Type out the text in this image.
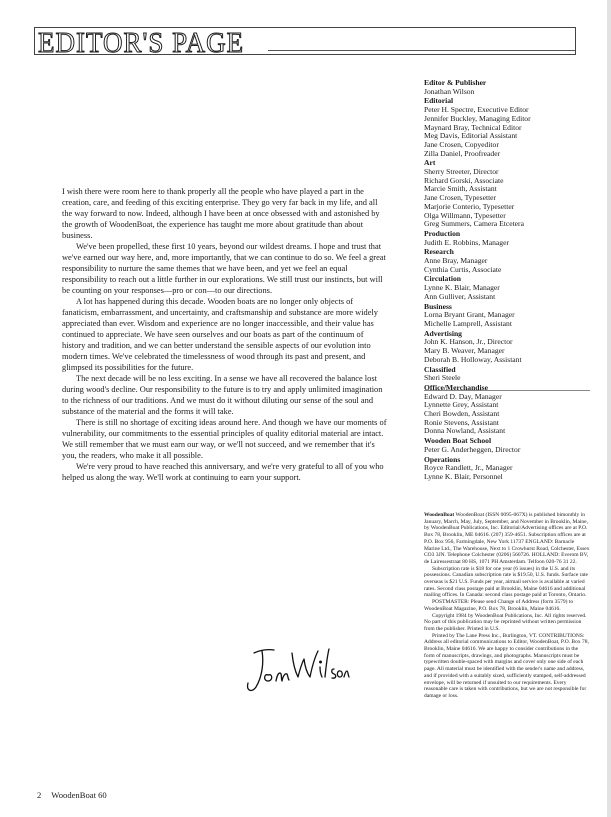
EDITOR'S PAGE

I wish there were room here to thank properly all the people who have played a part in the creation, care, and feeding of this exciting enterprise. They go very far back in my life, and all the way forward to now. Indeed, although I have been at once obsessed with and astonished by the growth of WoodenBoat, the experience has taught me more about gratitude than about business.

We've been propelled, these first 10 years, beyond our wildest dreams. I hope and trust that we've earned our way here, and, more importantly, that we can continue to do so. We feel a great responsibility to nurture the same themes that we have been, and yet we feel an equal responsibility to reach out a little further in our explorations. We still trust our instincts, but will be counting on your responses—pro or con—to our directions.

A lot has happened during this decade. Wooden boats are no longer only objects of fanaticism, embarrassment, and uncertainty, and craftsmanship and substance are more widely appreciated than ever. Wisdom and experience are no longer inaccessible, and their value has continued to appreciate. We have seen ourselves and our boats as part of the continuum of history and tradition, and we can better understand the sensible aspects of our evolution into modern times. We've celebrated the timelessness of wood through its past and present, and glimpsed its possibilities for the future.

The next decade will be no less exciting. In a sense we have all recovered the balance lost during wood's decline. Our responsibility to the future is to try and apply unlimited imagination to the richness of our traditions. And we must do it without diluting our sense of the soul and substance of the material and the forms it will take.

There is still no shortage of exciting ideas around here. And though we have our moments of vulnerability, our commitments to the essential principles of quality editorial material are intact. We still remember that we must earn our way, or we'll not succeed, and we remember that it's you, the readers, who make it all possible.

We're very proud to have reached this anniversary, and we're very grateful to all of you who helped us along the way. We'll work at continuing to earn your support.

Editor & Publisher
Jonathan Wilson
Editorial
Peter H. Spectre, Executive Editor
Jennifer Buckley, Managing Editor
Maynard Bray, Technical Editor
Meg Davis, Editorial Assistant
Jane Crosen, Copyeditor
Zilla Daniel, Proofreader
Art
Sherry Streeter, Director
Richard Gorski, Associate
Marcie Smith, Assistant
Jane Crosen, Typesetter
Marjorie Conterio, Typesetter
Olga Willmann, Typesetter
Greg Summers, Camera Etcetera
Production
Judith E. Robbins, Manager
Research
Anne Bray, Manager
Cynthia Curtis, Associate
Circulation
Lynne K. Blair, Manager
Ann Gulliver, Assistant
Business
Lorna Bryant Grant, Manager
Michelle Lamprell, Assistant
Advertising
John K. Hanson, Jr., Director
Mary B. Weaver, Manager
Deborah B. Holloway, Assistant
Classified
Sheri Steele
Office/Merchandise
Edward D. Day, Manager
Lynnette Grey, Assistant
Cheri Bowden, Assistant
Ronie Stevens, Assistant
Donna Nowland, Assistant
Wooden Boat School
Peter G. Anderheggen, Director
Operations
Royce Randlett, Jr., Manager
Lynne K. Blair, Personnel

WoodenBoat WoodenBoat (ISSN 0095-067X) is published bimonthly in January, March, May, July, September, and November in Brooklin, Maine, by WoodenBoat Publications, Inc. Editorial/Advertising offices are at P.O. Box 78, Brooklin, ME 04616. (207) 359-4651. Subscription offices are at P.O. Box 956, Farmingdale, New York 11737 ENGLAND: Barnacle Marine Ltd., The Warehouse, Next to 1 Crowhurst Road, Colchester, Essex CO3 3JN. Telephone Colchester (0206) 560726. HOLLAND: Everom BV, de Lairessestraat 80 HS, 1071 PH Amsterdam. Telfoon 020-76 31 22.

Subscription rate is $18 for one year (6 issues) in the U.S. and its possessions. Canadian subscription rate is $19.50, U.S. funds. Surface rate overseas is $21 U.S. Funds per year, airmail service is available at varied rates. Second class postage paid at Brooklin, Maine 04616 and additional mailing offices. In Canada: second class postage paid at Toronto, Ontario.

POSTMASTER: Please send Change of Address (form 3579) to WoodenBoat Magazine, P.O. Box 78, Brooklin, Maine 04616.

Copyright 1984 by WoodenBoat Publications, Inc. All rights reserved. No part of this publication may be reprinted without written permission from the publisher. Printed in U.S.

Printed by The Lane Press Inc., Burlington, VT. CONTRIBUTIONS: Address all editorial communications to Editor, WoodenBoat, P.O. Box 78, Brooklin, Maine 04616. We are happy to consider contributions in the form of manuscripts, drawings, and photographs. Manuscripts must be typewritten double-spaced with margins and cover only one side of each page. All material must be identified with the sender's name and address, and if provided with a suitably sized, sufficiently stamped, self-addressed envelope, will be returned if unsuited to our requirements. Every reasonable care is taken with contributions, but we are not responsible for damage or loss.

2 WoodenBoat 60
